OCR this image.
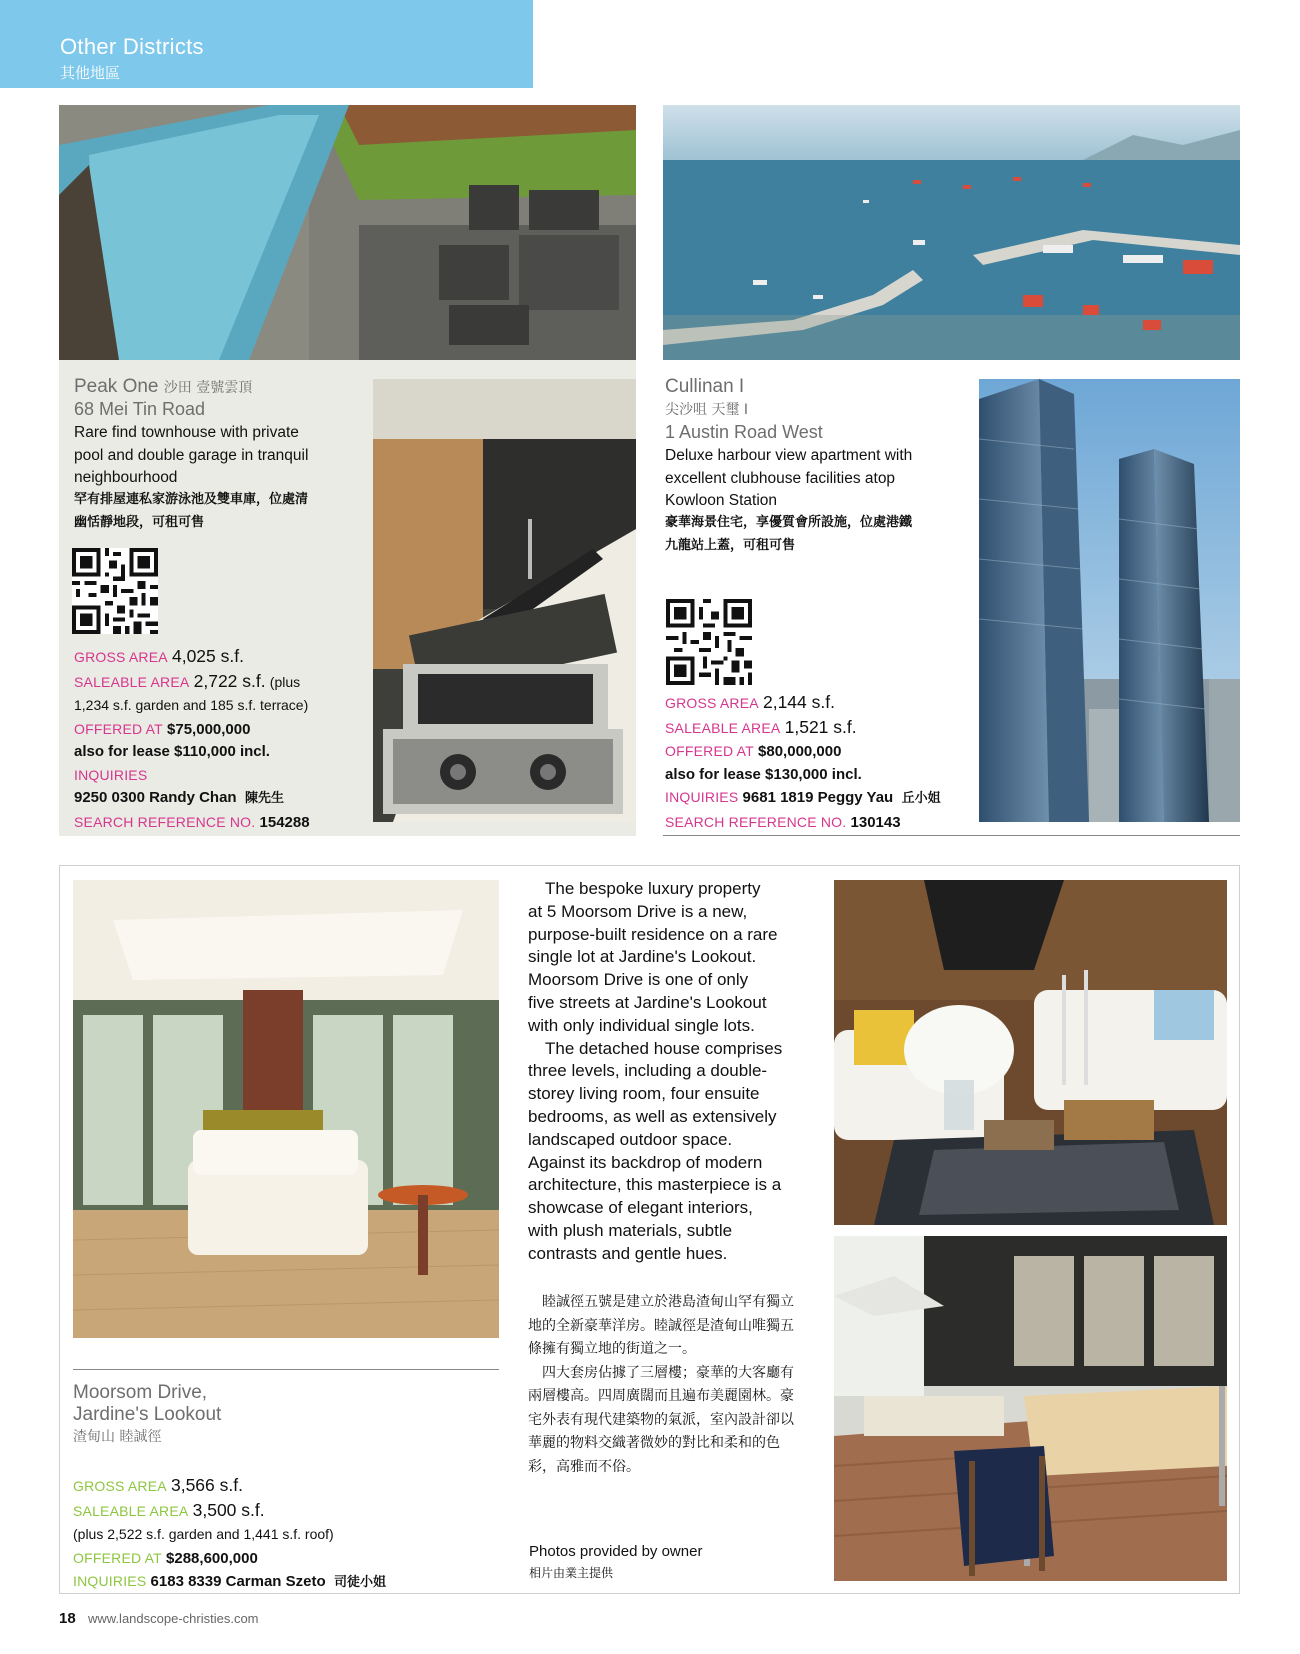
Other Districts
其他地區
Peak One 沙田 壹號雲頂
68 Mei Tin Road
Rare find townhouse with private
pool and double garage in tranquil
neighbourhood
罕有排屋連私家游泳池及雙車庫，位處清
幽恬靜地段，可租可售
GROSS AREA 4,025 s.f.
SALEABLE AREA 2,722 s.f. (plus
1,234 s.f. garden and 185 s.f. terrace)
OFFERED AT $75,000,000
also for lease $110,000 incl.
INQUIRIES
9250 0300 Randy Chan 陳先生
SEARCH REFERENCE NO. 154288
Cullinan I
尖沙咀 天璽 I
1 Austin Road West
Deluxe harbour view apartment with
excellent clubhouse facilities atop
Kowloon Station
豪華海景住宅，享優質會所設施，位處港鐵
九龍站上蓋，可租可售
GROSS AREA 2,144 s.f.
SALEABLE AREA 1,521 s.f.
OFFERED AT $80,000,000
also for lease $130,000 incl.
INQUIRIES 9681 1819 Peggy Yau 丘小姐
SEARCH REFERENCE NO. 130143
The bespoke luxury property
at 5 Moorsom Drive is a new,
purpose-built residence on a rare
single lot at Jardine's Lookout.
Moorsom Drive is one of only
five streets at Jardine's Lookout
with only individual single lots.
The detached house comprises
three levels, including a double-
storey living room, four ensuite
bedrooms, as well as extensively
landscaped outdoor space.
Against its backdrop of modern
architecture, this masterpiece is a
showcase of elegant interiors,
with plush materials, subtle
contrasts and gentle hues.
睦誠徑五號是建立於港島渣甸山罕有獨立
地的全新豪華洋房。睦誠徑是渣甸山唯獨五
條擁有獨立地的街道之一。
四大套房佔據了三層樓；豪華的大客廳有
兩層樓高。四周廣闊而且遍布美麗園林。豪
宅外表有現代建築物的氣派，室內設計卻以
華麗的物料交織著微妙的對比和柔和的色
彩，高雅而不俗。
Photos provided by owner
相片由業主提供
Moorsom Drive,
Jardine's Lookout
渣甸山 睦誠徑
GROSS AREA 3,566 s.f.
SALEABLE AREA 3,500 s.f.
(plus 2,522 s.f. garden and 1,441 s.f. roof)
OFFERED AT $288,600,000
INQUIRIES 6183 8339 Carman Szeto 司徒小姐
18 www.landscope-christies.com
